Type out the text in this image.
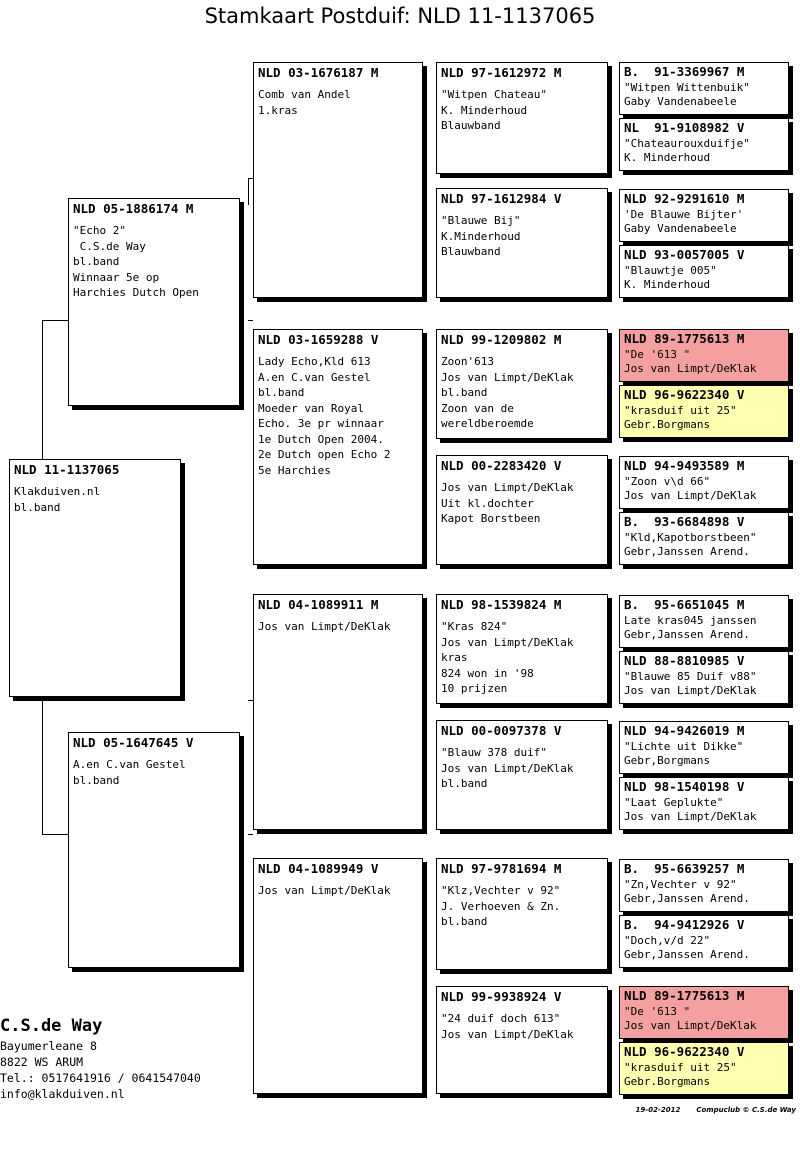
Stamkaart Postduif: NLD 11-1137065
NLD 11-1137065
Klakduiven.nl
bl.band
NLD 05-1886174 M
"Echo 2"
C.S.de Way
bl.band
Winnaar 5e op
Harchies Dutch Open
NLD 05-1647645 V
A.en C.van Gestel
bl.band
NLD 03-1676187 M
Comb van Andel
1.kras
NLD 03-1659288 V
Lady Echo,Kld 613
A.en C.van Gestel
bl.band
Moeder van Royal
Echo. 3e pr winnaar
1e Dutch Open 2004.
2e Dutch open Echo 2
5e Harchies
NLD 04-1089911 M
Jos van Limpt/DeKlak
NLD 04-1089949 V
Jos van Limpt/DeKlak
NLD 97-1612972 M
"Witpen Chateau"
K. Minderhoud
Blauwband
NLD 97-1612984 V
"Blauwe Bij"
K.Minderhoud
Blauwband
NLD 99-1209802 M
Zoon'613
Jos van Limpt/DeKlak
bl.band
Zoon van de
wereldberoemde
NLD 00-2283420 V
Jos van Limpt/DeKlak
Uit kl.dochter
Kapot Borstbeen
NLD 98-1539824 M
"Kras 824"
Jos van Limpt/DeKlak
kras
824 won in '98
10 prijzen
NLD 00-0097378 V
"Blauw 378 duif"
Jos van Limpt/DeKlak
bl.band
NLD 97-9781694 M
"Klz,Vechter v 92"
J. Verhoeven & Zn.
bl.band
NLD 99-9938924 V
"24 duif doch 613"
Jos van Limpt/DeKlak
B.  91-3369967 M
"Witpen Wittenbuik"
Gaby Vandenabeele
NL  91-9108982 V
"Chateaurouxduifje"
K. Minderhoud
NLD 92-9291610 M
'De Blauwe Bijter'
Gaby Vandenabeele
NLD 93-0057005 V
"Blauwtje 005"
K. Minderhoud
NLD 89-1775613 M
"De '613 "
Jos van Limpt/DeKlak
NLD 96-9622340 V
"krasduif uit 25"
Gebr.Borgmans
NLD 94-9493589 M
"Zoon v\d 66"
Jos van Limpt/DeKlak
B.  93-6684898 V
"Kld,Kapotborstbeen"
Gebr,Janssen Arend.
B.  95-6651045 M
Late kras045 janssen
Gebr,Janssen Arend.
NLD 88-8810985 V
"Blauwe 85 Duif v88"
Jos van Limpt/DeKlak
NLD 94-9426019 M
"Lichte uit Dikke"
Gebr,Borgmans
NLD 98-1540198 V
"Laat Geplukte"
Jos van Limpt/DeKlak
B.  95-6639257 M
"Zn,Vechter v 92"
Gebr,Janssen Arend.
B.  94-9412926 V
"Doch,v/d 22"
Gebr,Janssen Arend.
NLD 89-1775613 M
"De '613 "
Jos van Limpt/DeKlak
NLD 96-9622340 V
"krasduif uit 25"
Gebr.Borgmans
C.S.de Way
Bayumerleane 8
8822 WS ARUM
Tel.: 0517641916 / 0641547040
info@klakduiven.nl
19-02-2012 Compuclub © C.S.de Way
